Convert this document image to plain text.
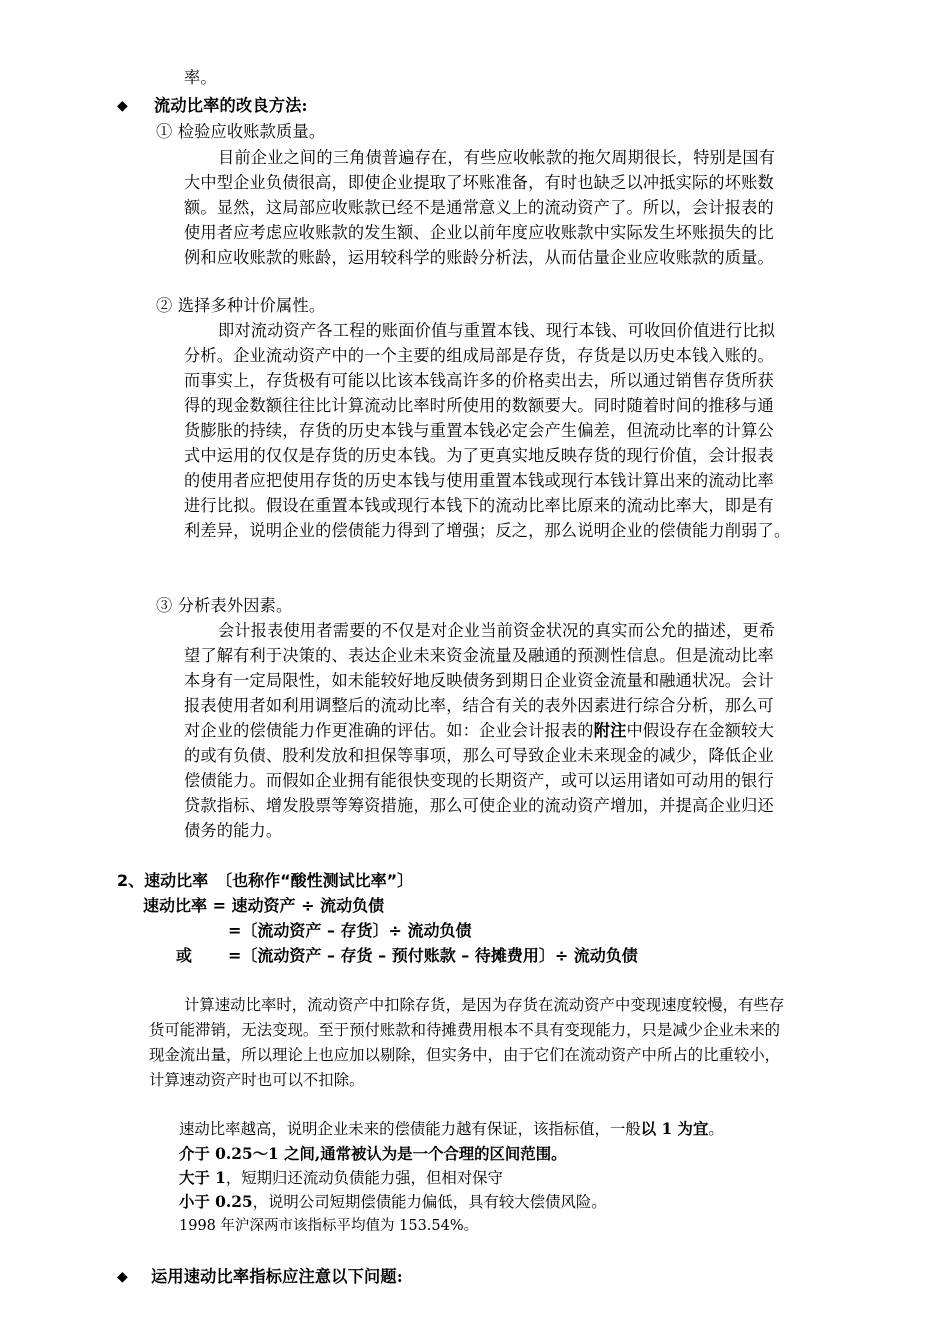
率。
◆ 流动比率的改良方法:
① 检验应收账款质量。
目前企业之间的三角债普遍存在，有些应收帐款的拖欠周期很长，特别是国有
大中型企业负债很高，即使企业提取了坏账准备，有时也缺乏以冲抵实际的坏账数
额。显然，这局部应收账款已经不是通常意义上的流动资产了。所以，会计报表的
使用者应考虑应收账款的发生额、企业以前年度应收账款中实际发生坏账损失的比
例和应收账款的账龄，运用较科学的账龄分析法，从而估量企业应收账款的质量。
② 选择多种计价属性。
即对流动资产各工程的账面价值与重置本钱、现行本钱、可收回价值进行比拟
分析。企业流动资产中的一个主要的组成局部是存货，存货是以历史本钱入账的。
而事实上，存货极有可能以比该本钱高许多的价格卖出去，所以通过销售存货所获
得的现金数额往往比计算流动比率时所使用的数额要大。同时随着时间的推移与通
货膨胀的持续，存货的历史本钱与重置本钱必定会产生偏差，但流动比率的计算公
式中运用的仅仅是存货的历史本钱。为了更真实地反映存货的现行价值，会计报表
的使用者应把使用存货的历史本钱与使用重置本钱或现行本钱计算出来的流动比率
进行比拟。假设在重置本钱或现行本钱下的流动比率比原来的流动比率大，即是有
利差异，说明企业的偿债能力得到了增强；反之，那么说明企业的偿债能力削弱了。
③ 分析表外因素。
会计报表使用者需要的不仅是对企业当前资金状况的真实而公允的描述，更希
望了解有利于决策的、表达企业未来资金流量及融通的预测性信息。但是流动比率
本身有一定局限性，如未能较好地反映债务到期日企业资金流量和融通状况。会计
报表使用者如利用调整后的流动比率，结合有关的表外因素进行综合分析，那么可
对企业的偿债能力作更准确的评估。如：企业会计报表的附注中假设存在金额较大
的或有负债、股利发放和担保等事项，那么可导致企业未来现金的减少，降低企业
偿债能力。而假如企业拥有能很快变现的长期资产，或可以运用诸如可动用的银行
贷款指标、增发股票等筹资措施，那么可使企业的流动资产增加，并提高企业归还
债务的能力。
2、速动比率　〔也称作“酸性测试比率”〕
速动比率 = 速动资产 ÷ 流动负债
=〔流动资产 – 存货〕÷ 流动负债
或 =〔流动资产 – 存货 – 预付账款 – 待摊费用〕÷ 流动负债
计算速动比率时，流动资产中扣除存货，是因为存货在流动资产中变现速度较慢，有些存
货可能滞销，无法变现。至于预付账款和待摊费用根本不具有变现能力，只是减少企业未来的
现金流出量，所以理论上也应加以剔除，但实务中，由于它们在流动资产中所占的比重较小，
计算速动资产时也可以不扣除。
速动比率越高，说明企业未来的偿债能力越有保证，该指标值，一般以 1 为宜。
介于 0.25～1 之间,通常被认为是一个合理的区间范围。
大于 1，短期归还流动负债能力强，但相对保守
小于 0.25，说明公司短期偿债能力偏低，具有较大偿债风险。
1998 年沪深两市该指标平均值为 153.54%。
◆ 运用速动比率指标应注意以下问题:
